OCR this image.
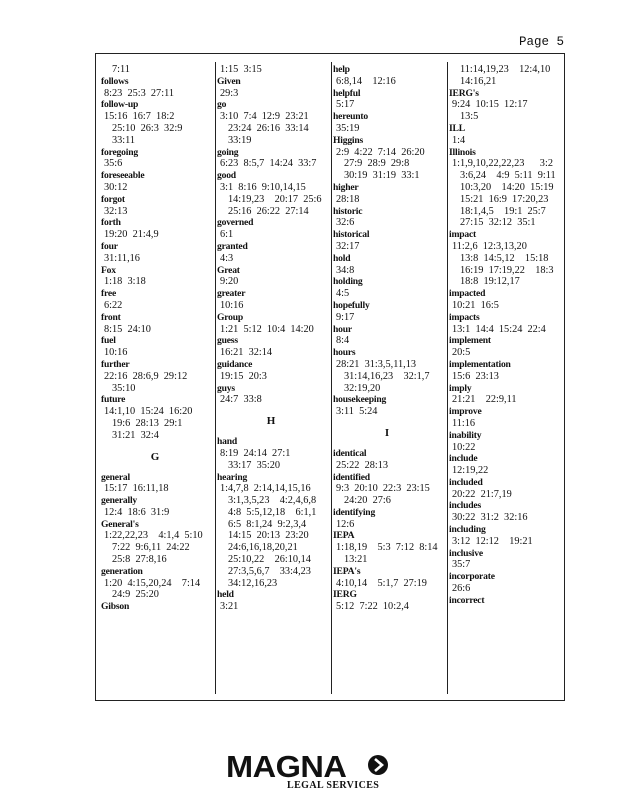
Page 5
7:11
follows
8:23  25:3  27:11
follow-up
15:16  16:7  18:2
25:10  26:3  32:9
33:11
foregoing
35:6
foreseeable
30:12
forgot
32:13
forth
19:20  21:4,9
four
31:11,16
Fox
1:18  3:18
free
6:22
front
8:15  24:10
fuel
10:16
further
22:16  28:6,9  29:12
35:10
future
14:1,10  15:24  16:20
19:6  28:13  29:1
31:21  32:4
G
general
15:17  16:11,18
generally
12:4  18:6  31:9
General's
1:22,22,23    4:1,4  5:10
7:22  9:6,11  24:22
25:8  27:8,16
generation
1:20  4:15,20,24    7:14
24:9  25:20
Gibson
1:15  3:15
Given
29:3
go
3:10  7:4  12:9  23:21
23:24  26:16  33:14
33:19
going
6:23  8:5,7  14:24  33:7
good
3:1  8:16  9:10,14,15
14:19,23    20:17  25:6
25:16  26:22  27:14
governed
6:1
granted
4:3
Great
9:20
greater
10:16
Group
1:21  5:12  10:4  14:20
guess
16:21  32:14
guidance
19:15  20:3
guys
24:7  33:8
H
hand
8:19  24:14  27:1
33:17  35:20
hearing
1:4,7,8  2:14,14,15,16
3:1,3,5,23    4:2,4,6,8
4:8  5:5,12,18    6:1,1
6:5  8:1,24  9:2,3,4
14:15  20:13  23:20
24:6,16,18,20,21
25:10,22    26:10,14
27:3,5,6,7    33:4,23
34:12,16,23
held
3:21
help
6:8,14    12:16
helpful
5:17
hereunto
35:19
Higgins
2:9  4:22  7:14  26:20
27:9  28:9  29:8
30:19  31:19  33:1
higher
28:18
historic
32:6
historical
32:17
hold
34:8
holding
4:5
hopefully
9:17
hour
8:4
hours
28:21  31:3,5,11,13
31:14,16,23    32:1,7
32:19,20
housekeeping
3:11  5:24
I
identical
25:22  28:13
identified
9:3  20:10  22:3  23:15
24:20  27:6
identifying
12:6
IEPA
1:18,19    5:3  7:12  8:14
13:21
IEPA's
4:10,14    5:1,7  27:19
IERG
5:12  7:22  10:2,4
11:14,19,23    12:4,10
14:16,21
IERG's
9:24  10:15  12:17
13:5
ILL
1:4
Illinois
1:1,9,10,22,22,23      3:2
3:6,24    4:9  5:11  9:11
10:3,20    14:20  15:19
15:21  16:9  17:20,23
18:1,4,5    19:1  25:7
27:15  32:12  35:1
impact
11:2,6  12:3,13,20
13:8  14:5,12    15:18
16:19  17:19,22    18:3
18:8  19:12,17
impacted
10:21  16:5
impacts
13:1  14:4  15:24  22:4
implement
20:5
implementation
15:6  23:13
imply
21:21    22:9,11
improve
11:16
inability
10:22
include
12:19,22
included
20:22  21:7,19
includes
30:22  31:2  32:16
including
3:12  12:12    19:21
inclusive
35:7
incorporate
26:6
incorrect
MAGNA
LEGAL SERVICES
